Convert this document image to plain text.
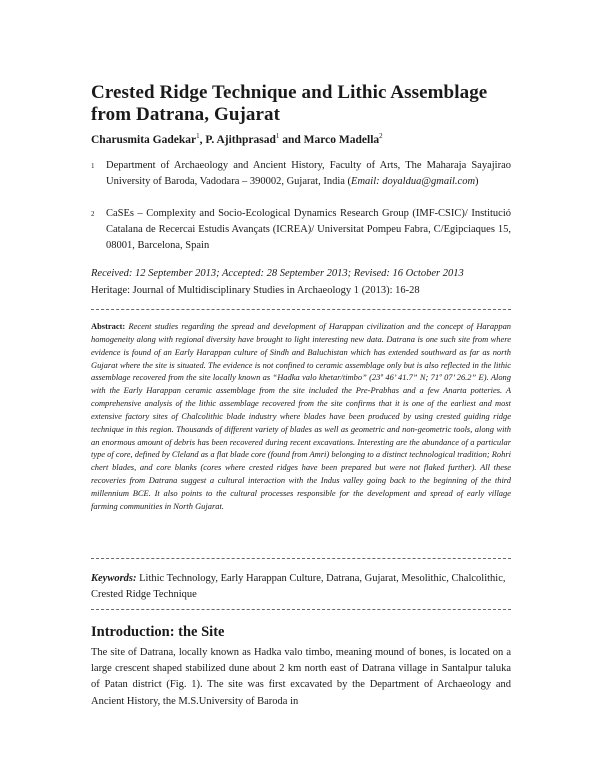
Crested Ridge Technique and Lithic Assemblage from Datrana, Gujarat
Charusmita Gadekar$^1$, P. Ajithprasad$^1$ and Marco Madella$^2$
1 Department of Archaeology and Ancient History, Faculty of Arts, The Maharaja Sayajirao University of Baroda, Vadodara – 390002, Gujarat, India (Email: doyaldua@gmail.com)
2 CaSEs – Complexity and Socio-Ecological Dynamics Research Group (IMF-CSIC)/ Institució Catalana de Recercai Estudis Avançats (ICREA)/ Universitat Pompeu Fabra, C/Egipciaques 15, 08001, Barcelona, Spain
Received: 12 September 2013; Accepted: 28 September 2013; Revised: 16 October 2013
Heritage: Journal of Multidisciplinary Studies in Archaeology 1 (2013): 16-28
Abstract: Recent studies regarding the spread and development of Harappan civilization and the concept of Harappan homogeneity along with regional diversity have brought to light interesting new data. Datrana is one such site from where evidence is found of an Early Harappan culture of Sindh and Baluchistan which has extended southward as far as north Gujarat where the site is situated. The evidence is not confined to ceramic assemblage only but is also reflected in the lithic assemblage recovered from the site locally known as “Hadka valo khetar/timbo” (23º 46’ 41.7” N; 71º 07’ 26.2” E). Along with the Early Harappan ceramic assemblage from the site included the Pre-Prabhas and a few Anarta potteries. A comprehensive analysis of the lithic assemblage recovered from the site confirms that it is one of the earliest and most extensive factory sites of Chalcolithic blade industry where blades have been produced by using crested guiding ridge technique in this region. Thousands of different variety of blades as well as geometric and non-geometric tools, along with an enormous amount of debris has been recovered during recent excavations. Interesting are the abundance of a particular type of core, defined by Cleland as a flat blade core (found from Amri) belonging to a distinct technological tradition; Rohri chert blades, and core blanks (cores where crested ridges have been prepared but were not flaked further). All these recoveries from Datrana suggest a cultural interaction with the Indus valley going back to the beginning of the third millennium BCE. It also points to the cultural processes responsible for the development and spread of early village farming communities in North Gujarat.
Keywords: Lithic Technology, Early Harappan Culture, Datrana, Gujarat, Mesolithic, Chalcolithic, Crested Ridge Technique
Introduction: the Site
The site of Datrana, locally known as Hadka valo timbo, meaning mound of bones, is located on a large crescent shaped stabilized dune about 2 km north east of Datrana village in Santalpur taluka of Patan district (Fig. 1). The site was first excavated by the Department of Archaeology and Ancient History, the M.S.University of Baroda in
